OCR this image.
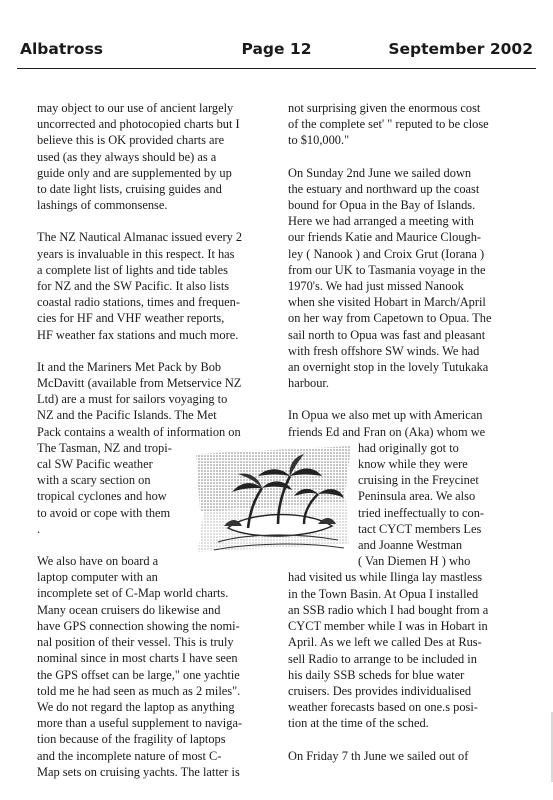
Albatross	Page 12	September 2002

may object to our use of ancient largely
uncorrected and photocopied charts but I
believe this is OK provided charts are
used (as they always should be) as a
guide only and are supplemented by up
to date light lists, cruising guides and
lashings of commonsense.

The NZ Nautical Almanac issued every 2
years is invaluable in this respect. It has
a complete list of lights and tide tables
for NZ and the SW Pacific. It also lists
coastal radio stations, times and frequen-
cies for HF and VHF weather reports,
HF weather fax stations and much more.

It and the Mariners Met Pack by Bob
McDavitt (available from Metservice NZ
Ltd) are a must for sailors voyaging to
NZ and the Pacific Islands. The Met
Pack contains a wealth of information on
The Tasman, NZ and tropi-
cal SW Pacific weather
with a scary section on
tropical cyclones and how
to avoid or cope with them
.

We also have on board a
laptop computer with an
incomplete set of C-Map world charts.
Many ocean cruisers do likewise and
have GPS connection showing the nomi-
nal position of their vessel. This is truly
nominal since in most charts I have seen
the GPS offset can be large," one yachtie
told me he had seen as much as 2 miles".
We do not regard the laptop as anything
more than a useful supplement to naviga-
tion because of the fragility of laptops
and the incomplete nature of most C-
Map sets on cruising yachts. The latter is

not surprising given the enormous cost
of the complete set' " reputed to be close
to $10,000."

On Sunday 2nd June we sailed down
the estuary and northward up the coast
bound for Opua in the Bay of Islands.
Here we had arranged a meeting with
our friends Katie and Maurice Clough-
ley ( Nanook ) and Croix Grut (Iorana )
from our UK to Tasmania voyage in the
1970's. We had just missed Nanook
when she visited Hobart in March/April
on her way from Capetown to Opua. The
sail north to Opua was fast and pleasant
with fresh offshore SW winds. We had
an overnight stop in the lovely Tutukaka
harbour.

In Opua we also met up with American
friends Ed and Fran on (Aka) whom we

had originally got to
know while they were
cruising in the Freycinet
Peninsula area. We also
tried ineffectually to con-
tact CYCT members Les
and Joanne Westman
( Van Diemen H ) who

had visited us while Ilinga lay mastless
in the Town Basin. At Opua I installed
an SSB radio which I had bought from a
CYCT member while I was in Hobart in
April. As we left we called Des at Rus-
sell Radio to arrange to be included in
his daily SSB scheds for blue water
cruisers. Des provides individualised
weather forecasts based on one.s posi-
tion at the time of the sched.

On Friday 7 th June we sailed out of
